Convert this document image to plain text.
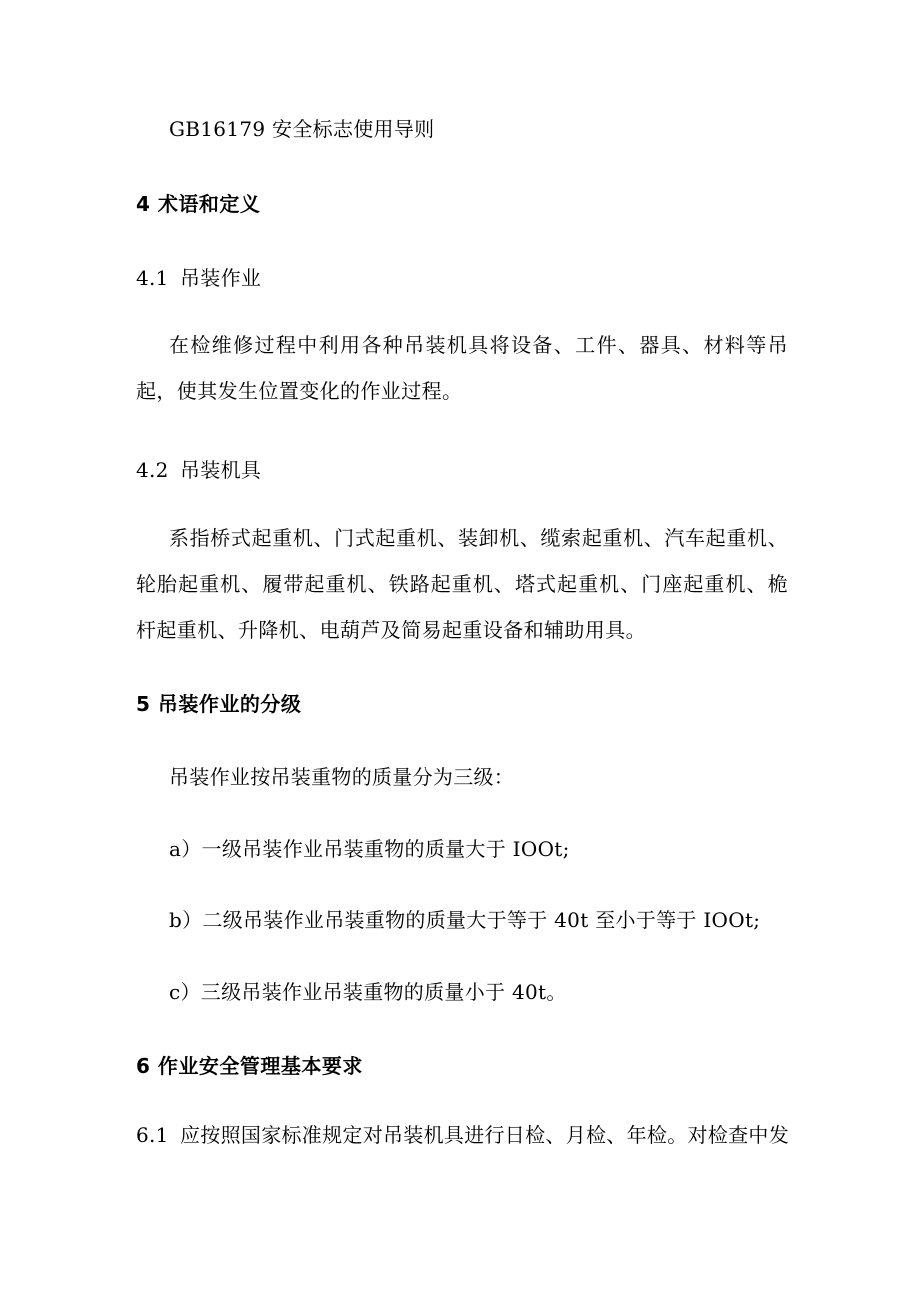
GB16179 安全标志使用导则
4 术语和定义
4.1 吊装作业
在检维修过程中利用各种吊装机具将设备、工件、器具、材料等吊起，使其发生位置变化的作业过程。
4.2 吊装机具
系指桥式起重机、门式起重机、装卸机、缆索起重机、汽车起重机、轮胎起重机、履带起重机、铁路起重机、塔式起重机、门座起重机、桅杆起重机、升降机、电葫芦及简易起重设备和辅助用具。
5 吊装作业的分级
吊装作业按吊装重物的质量分为三级：
a）一级吊装作业吊装重物的质量大于 IOOt;
b）二级吊装作业吊装重物的质量大于等于 40t 至小于等于 IOOt;
c）三级吊装作业吊装重物的质量小于 40t。
6 作业安全管理基本要求
6.1 应按照国家标准规定对吊装机具进行日检、月检、年检。对检查中发
